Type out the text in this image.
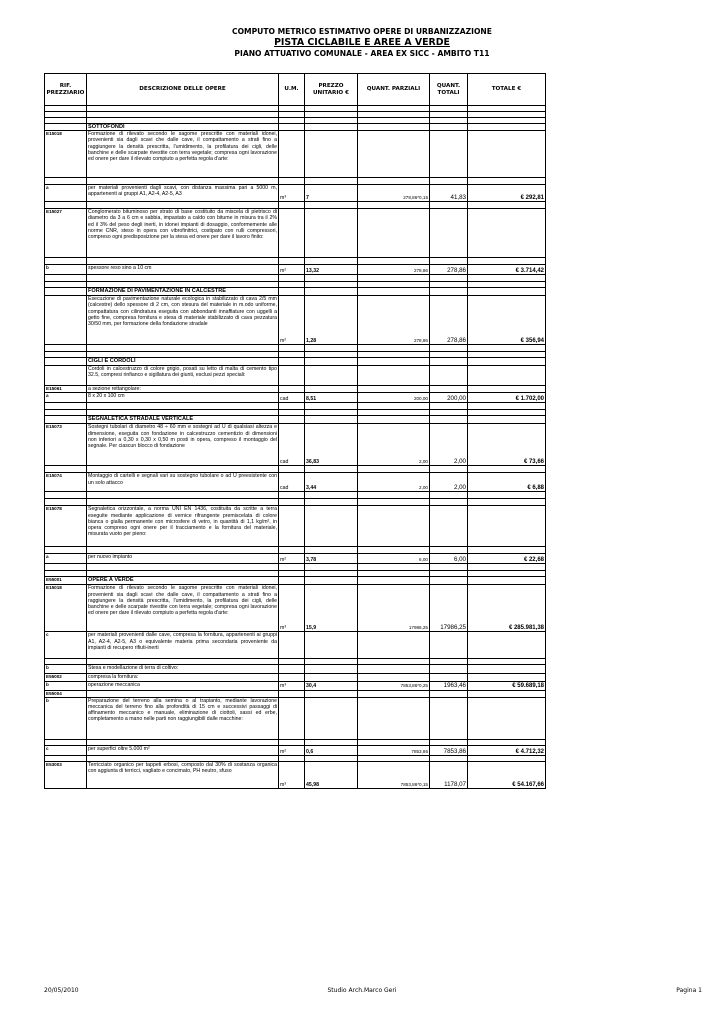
COMPUTO METRICO ESTIMATIVO OPERE DI URBANIZZAZIONE
PISTA CICLABILE E AREE A VERDE
PIANO ATTUATIVO COMUNALE - AREA EX SICC - AMBITO T11
RIF. PREZZIARIO	DESCRIZIONE DELLE OPERE	U.M.	PREZZO UNITARIO €	QUANT. PARZIALI	QUANT. TOTALI	TOTALE €

	SOTTOFONDI					
E15018	Formazione di rilevato secondo le sagome prescritte con materiali idonei, provenienti sia dagli scavi che dalle cave, il compattamento a strati fino a raggiungere la densità prescritta, l'umidimento, la profilatura dei cigli, delle banchine e delle scarpate rivestite con terra vegetale; compresa ogni lavorazione ed onere per dare il rilevato compiuto a perfetta regola d'arte:					

a	per materiali provenienti dagli scavi, con distanza massima pari a 5000 m, appartenenti ai gruppi A1, A2-4, A2-5, A3	m³	7	278,86*0,15	41,83	€ 292,81

E15027	Conglomerato bituminoso per strato di base costituito da miscela di pietrisco di diametro da 3 a 6 cm e sabbia, impastato a caldo con bitume in misura tra il 2% ed il 3% del peso degli inerti, in idonei impianti di dosaggio, conformemente alle norme CNR, steso in opera con vibrofinitrici, costipato con rulli compressori, compreso ogni predisposizione per la stesa ed onere per dare il lavoro finito:					

b	spessore reso sino a 10 cm	m²	13,32	278,86	278,86	€ 3.714,42

	FORMAZIONE DI PAVIMENTAZIONE IN CALCESTRE					
	Esecuzione di pavimentazione naturale ecologica in stabilizzato di cava 2/5 mm (calcestre) dello spessore di 2 cm, con stesura del materiale in m.odo uniforme, compattatura con cilindratura eseguita con abbondanti innaffiature con uggelli a getto fine, compresa fornitura e stesa di materiale stabilizzato di cava pezzatura 30/50 mm, per formazione della fondazione stradale	m²	1,28	278,86	278,86	€ 356,94

	CIGLI E CORDOLI					
	Cordoli in calcestruzzo di colore grigio, posati su letto di malta di cemento tipo 32.5, compresi rinfianco e sigillatura dei giunti, esclusi pezzi speciali:					
E15061	a sezione rettangolare:					
a	8 x 20 x 100 cm	cad	8,51	200,00	200,00	€ 1.702,00

	SEGNALETICA STRADALE VERTICALE					
E15073	Sostegni tubolari di diametro 48 ÷ 60 mm e sostegni ad U di qualsiasi altezza e dimensione, eseguita con fondazione in calcestruzzo cementizio di dimensioni non inferiori a 0,30 x 0,30 x 0,50 m posti in opera, compreso il montaggio del segnale. Per ciascun blocco di fondazione	cad	36,83	2,00	2,00	€ 73,66

E15074	Montaggio di cartelli e segnali vari su sostegno tubolare o ad U preesistente con un solo attacco	cad	3,44	2,00	2,00	€ 6,88

E15078	Segnaletica orizzontale, a norma UNI EN 1436, costituita da scritte a terra eseguite mediante applicazione di vernice rifrangente premiscelata di colore bianca o gialla permanente con microsfere di vetro, in quantità di 1,1 kg/m², in opera compreso ogni onere per il tracciamento e la fornitura del materiale, misurata vuoto per pieno:					

a	per nuovo impianto	m²	3,78	6,00	6,00	€ 22,68

E55001	OPERE A VERDE					
E15018	Formazione di rilevato secondo le sagome prescritte con materiali idonei, provenienti sia dagli scavi che dalle cave, il compattamento a strati fino a raggiungere la densità prescritta, l'umidimento, la profilatura dei cigli, delle banchine e delle scarpate rivestite con terra vegetale; compresa ogni lavorazione ed onere per dare il rilevato compiuto a perfetta regola d'arte:	m³	15,9	17986,25	17986,25	€ 285.981,38
c	per materiali provenienti dalle cave, compresa la fornitura, appartenenti ai gruppi A1, A2-4, A2-5, A3 o equivalente materia prima secondaria proveniente da impianti di recupero rifiuti-inerti					

b	Stesa e modellazione di terra di coltivo:					
E55002	compresa la fornitura:					
b	operazione meccanica	m³	30,4	7853,86*0,25	1963,46	€ 59.689,18
E55004						
b	Preparazione del terreno alla semina o al trapianto, mediante lavorazione meccanica del terreno fino alla profondità di 15 cm e successivi passaggi di affinamento meccanico e manuale, eliminazione di ciottoli, sassi ed erbe, completamento a mano nelle parti non raggiungibili dalle macchine:					

c	per superfici oltre 5.000 m²	m²	0,6	7853,86	7853,86	€ 4.712,32

E53003	Terricciato organico per tappeti erbosi, composto dal 30% di sostanza organica con aggiunta di terricci, vagliato e concimato, PH neutro, sfuso	m³	45,98	7853,86*0,15	1178,07	€ 54.167,66
20/05/2010	Studio Arch.Marco Geri	Pagina 1
